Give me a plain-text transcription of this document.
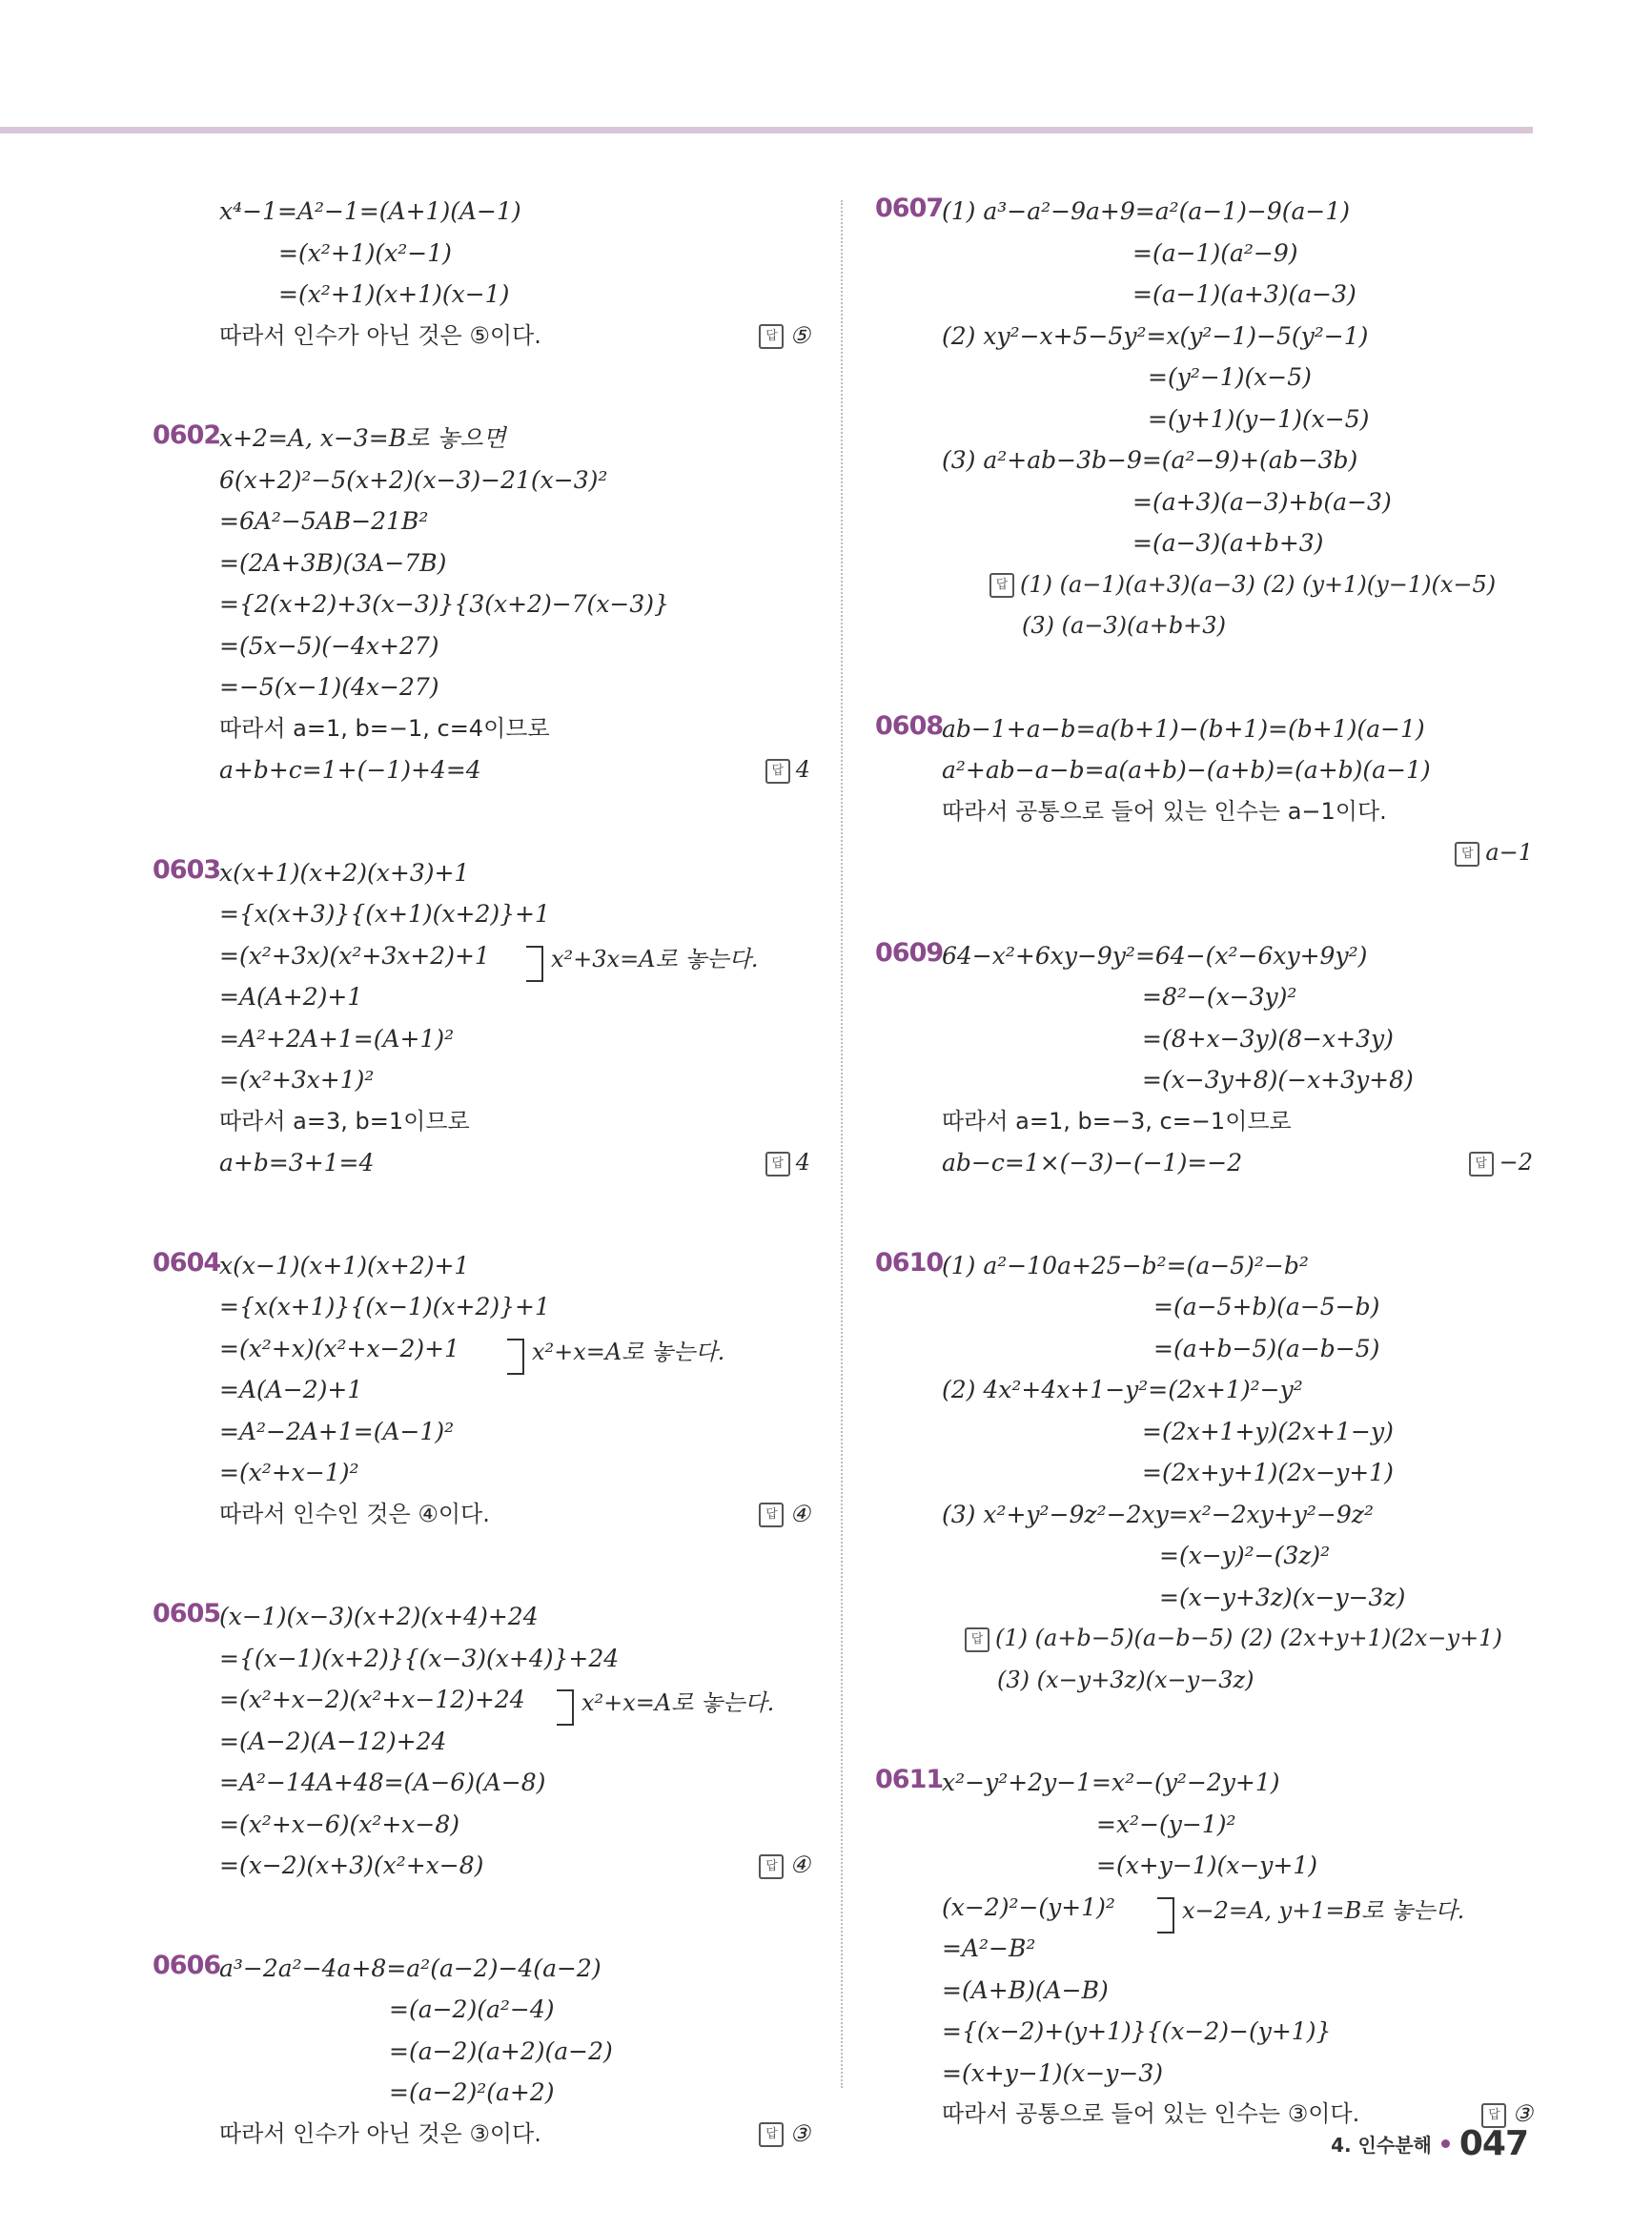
x⁴−1=A²−1=(A+1)(A−1)
=(x²+1)(x²−1)
=(x²+1)(x+1)(x−1)
따라서 인수가 아닌 것은 ⑤이다.	답 ⑤
0602
x+2=A, x−3=B로 놓으면
6(x+2)²−5(x+2)(x−3)−21(x−3)²
=6A²−5AB−21B²
=(2A+3B)(3A−7B)
={2(x+2)+3(x−3)}{3(x+2)−7(x−3)}
=(5x−5)(−4x+27)
=−5(x−1)(4x−27)
따라서 a=1, b=−1, c=4이므로
a+b+c=1+(−1)+4=4	답 4
0603
x(x+1)(x+2)(x+3)+1
={x(x+3)}{(x+1)(x+2)}+1
=(x²+3x)(x²+3x+2)+1
=A(A+2)+1
=A²+2A+1=(A+1)²
=(x²+3x+1)²
따라서 a=3, b=1이므로
a+b=3+1=4	답 4
x²+3x=A로 놓는다.
0604
x(x−1)(x+1)(x+2)+1
={x(x+1)}{(x−1)(x+2)}+1
=(x²+x)(x²+x−2)+1
=A(A−2)+1
=A²−2A+1=(A−1)²
=(x²+x−1)²
따라서 인수인 것은 ④이다.	답 ④
x²+x=A로 놓는다.
0605
(x−1)(x−3)(x+2)(x+4)+24
={(x−1)(x+2)}{(x−3)(x+4)}+24
=(x²+x−2)(x²+x−12)+24
=(A−2)(A−12)+24
=A²−14A+48=(A−6)(A−8)
=(x²+x−6)(x²+x−8)
=(x−2)(x+3)(x²+x−8)	답 ④
x²+x=A로 놓는다.
0606
a³−2a²−4a+8=a²(a−2)−4(a−2)
=(a−2)(a²−4)
=(a−2)(a+2)(a−2)
=(a−2)²(a+2)
따라서 인수가 아닌 것은 ③이다.	답 ③
0607
(1) a³−a²−9a+9=a²(a−1)−9(a−1)
=(a−1)(a²−9)
=(a−1)(a+3)(a−3)
(2) xy²−x+5−5y²=x(y²−1)−5(y²−1)
=(y²−1)(x−5)
=(y+1)(y−1)(x−5)
(3) a²+ab−3b−9=(a²−9)+(ab−3b)
=(a+3)(a−3)+b(a−3)
=(a−3)(a+b+3)
답 (1) (a−1)(a+3)(a−3) (2) (y+1)(y−1)(x−5)
(3) (a−3)(a+b+3)
0608
ab−1+a−b=a(b+1)−(b+1)=(b+1)(a−1)
a²+ab−a−b=a(a+b)−(a+b)=(a+b)(a−1)
따라서 공통으로 들어 있는 인수는 a−1이다.
답 a−1
0609
64−x²+6xy−9y²=64−(x²−6xy+9y²)
=8²−(x−3y)²
=(8+x−3y)(8−x+3y)
=(x−3y+8)(−x+3y+8)
따라서 a=1, b=−3, c=−1이므로
ab−c=1×(−3)−(−1)=−2	답 −2
0610
(1) a²−10a+25−b²=(a−5)²−b²
=(a−5+b)(a−5−b)
=(a+b−5)(a−b−5)
(2) 4x²+4x+1−y²=(2x+1)²−y²
=(2x+1+y)(2x+1−y)
=(2x+y+1)(2x−y+1)
(3) x²+y²−9z²−2xy=x²−2xy+y²−9z²
=(x−y)²−(3z)²
=(x−y+3z)(x−y−3z)
답 (1) (a+b−5)(a−b−5) (2) (2x+y+1)(2x−y+1)
(3) (x−y+3z)(x−y−3z)
0611
x²−y²+2y−1=x²−(y²−2y+1)
=x²−(y−1)²
=(x+y−1)(x−y+1)
(x−2)²−(y+1)²
=A²−B²
=(A+B)(A−B)
={(x−2)+(y+1)}{(x−2)−(y+1)}
=(x+y−1)(x−y−3)
따라서 공통으로 들어 있는 인수는 ③이다.	답 ③
x−2=A, y+1=B로 놓는다.
4. 인수분해 047
